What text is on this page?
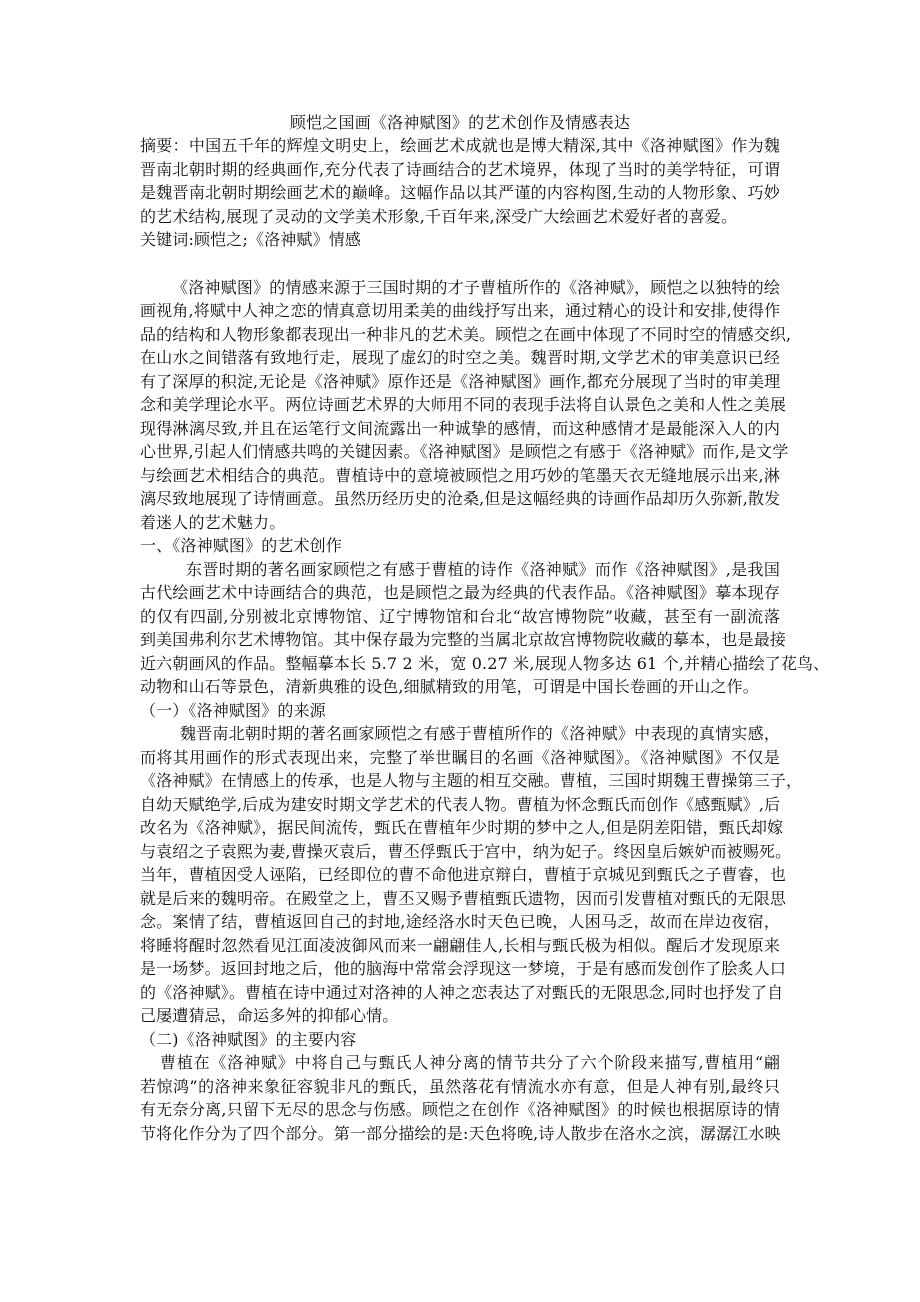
顾恺之国画《洛神赋图》的艺术创作及情感表达
摘要：中国五千年的辉煌文明史上，绘画艺术成就也是博大精深,其中《洛神赋图》作为魏
晋南北朝时期的经典画作,充分代表了诗画结合的艺术境界，体现了当时的美学特征，可谓
是魏晋南北朝时期绘画艺术的巅峰。这幅作品以其严谨的内容构图,生动的人物形象、巧妙
的艺术结构,展现了灵动的文学美术形象,千百年来,深受广大绘画艺术爱好者的喜爱。
关键词:顾恺之;《洛神赋》情感
《洛神赋图》的情感来源于三国时期的才子曹植所作的《洛神赋》，顾恺之以独特的绘
画视角,将赋中人神之恋的情真意切用柔美的曲线抒写出来，通过精心的设计和安排,使得作
品的结构和人物形象都表现出一种非凡的艺术美。顾恺之在画中体现了不同时空的情感交织,
在山水之间错落有致地行走，展现了虚幻的时空之美。魏晋时期,文学艺术的审美意识已经
有了深厚的积淀,无论是《洛神赋》原作还是《洛神赋图》画作,都充分展现了当时的审美理
念和美学理论水平。两位诗画艺术界的大师用不同的表现手法将自认景色之美和人性之美展
现得淋漓尽致,并且在运笔行文间流露出一种诚挚的感情，而这种感情才是最能深入人的内
心世界,引起人们情感共鸣的关键因素。《洛神赋图》是顾恺之有感于《洛神赋》而作,是文学
与绘画艺术相结合的典范。曹植诗中的意境被顾恺之用巧妙的笔墨天衣无缝地展示出来,淋
漓尽致地展现了诗情画意。虽然历经历史的沧桑,但是这幅经典的诗画作品却历久弥新,散发
着迷人的艺术魅力。
一、《洛神赋图》的艺术创作
东晋时期的著名画家顾恺之有感于曹植的诗作《洛神赋》而作《洛神赋图》,是我国
古代绘画艺术中诗画结合的典范，也是顾恺之最为经典的代表作品。《洛神赋图》摹本现存
的仅有四副,分别被北京博物馆、辽宁博物馆和台北“故宫博物院”收藏，甚至有一副流落
到美国弗利尔艺术博物馆。其中保存最为完整的当属北京故宫博物院收藏的摹本，也是最接
近六朝画风的作品。整幅摹本长 5.7 2 米，宽 0.27 米,展现人物多达 61 个,并精心描绘了花鸟、
动物和山石等景色，清新典雅的设色,细腻精致的用笔，可谓是中国长卷画的开山之作。
（一）《洛神赋图》的来源
魏晋南北朝时期的著名画家顾恺之有感于曹植所作的《洛神赋》中表现的真情实感，
而将其用画作的形式表现出来，完整了举世瞩目的名画《洛神赋图》。《洛神赋图》不仅是
《洛神赋》在情感上的传承，也是人物与主题的相互交融。曹植，三国时期魏王曹操第三子，
自幼天赋绝学,后成为建安时期文学艺术的代表人物。曹植为怀念甄氏而创作《感甄赋》,后
改名为《洛神赋》，据民间流传，甄氏在曹植年少时期的梦中之人,但是阴差阳错，甄氏却嫁
与袁绍之子袁熙为妻,曹操灭袁后，曹丕俘甄氏于宫中，纳为妃子。终因皇后嫉妒而被赐死。
当年，曹植因受人诬陷，已经即位的曹不命他进京辩白，曹植于京城见到甄氏之子曹睿，也
就是后来的魏明帝。在殿堂之上，曹丕又赐予曹植甄氏遗物，因而引发曹植对甄氏的无限思
念。案情了结，曹植返回自己的封地,途经洛水时天色已晚，人困马乏，故而在岸边夜宿，
将睡将醒时忽然看见江面凌波御风而来一翩翩佳人,长相与甄氏极为相似。醒后才发现原来
是一场梦。返回封地之后，他的脑海中常常会浮现这一梦境，于是有感而发创作了脍炙人口
的《洛神赋》。曹植在诗中通过对洛神的人神之恋表达了对甄氏的无限思念,同时也抒发了自
己屡遭猜忌，命运多舛的抑郁心情。
（二)《洛神赋图》的主要内容
曹植在《洛神赋》中将自己与甄氏人神分离的情节共分了六个阶段来描写,曹植用“翩
若惊鸿”的洛神来象征容貌非凡的甄氏，虽然落花有情流水亦有意，但是人神有别,最终只
有无奈分离,只留下无尽的思念与伤感。顾恺之在创作《洛神赋图》的时候也根据原诗的情
节将化作分为了四个部分。第一部分描绘的是:天色将晚,诗人散步在洛水之滨，潺潺江水映
